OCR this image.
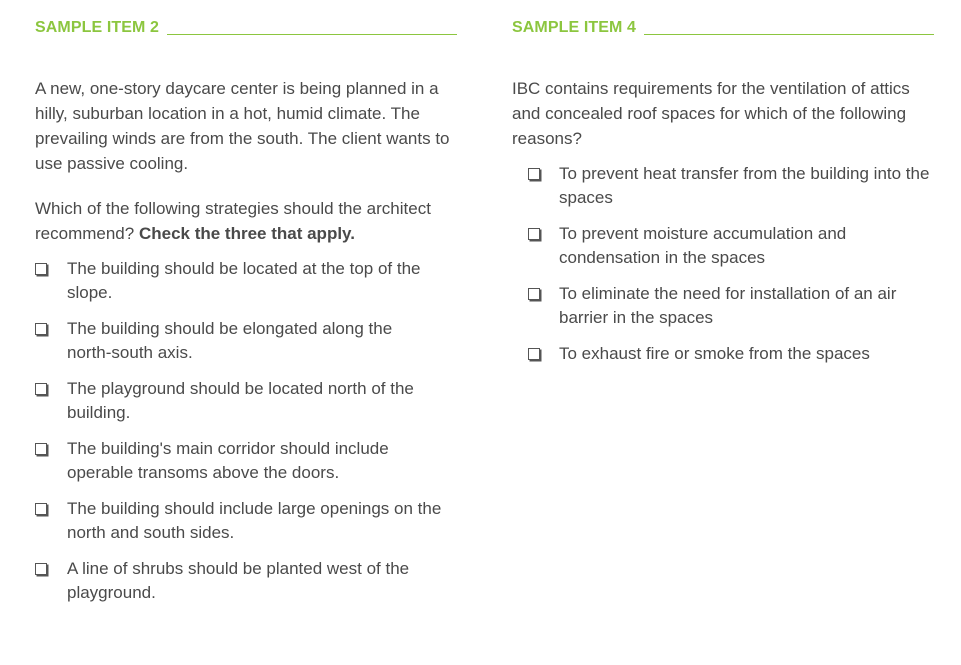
SAMPLE ITEM 2

A new, one-story daycare center is being planned in a hilly, suburban location in a hot, humid climate. The prevailing winds are from the south. The client wants to use passive cooling.

Which of the following strategies should the architect recommend? Check the three that apply.

The building should be located at the top of the slope.
The building should be elongated along the north-south axis.
The playground should be located north of the building.
The building's main corridor should include operable transoms above the doors.
The building should include large openings on the north and south sides.
A line of shrubs should be planted west of the playground.
SAMPLE ITEM 4

IBC contains requirements for the ventilation of attics and concealed roof spaces for which of the following reasons?

To prevent heat transfer from the building into the spaces
To prevent moisture accumulation and condensation in the spaces
To eliminate the need for installation of an air barrier in the spaces
To exhaust fire or smoke from the spaces
